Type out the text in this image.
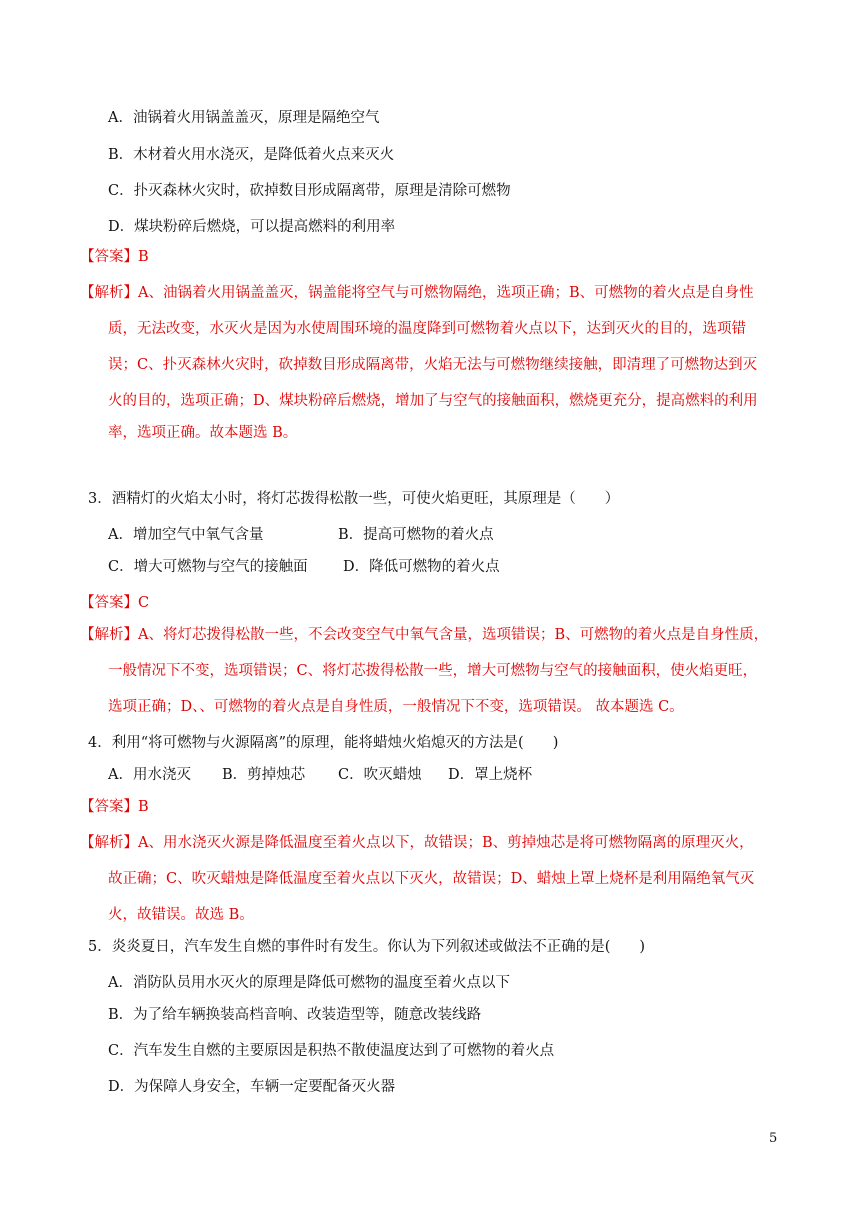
A．油锅着火用锅盖盖灭，原理是隔绝空气
B．木材着火用水浇灭，是降低着火点来灭火
C．扑灭森林火灾时，砍掉数目形成隔离带，原理是清除可燃物
D．煤块粉碎后燃烧，可以提高燃料的利用率
【答案】B
【解析】A、油锅着火用锅盖盖灭，锅盖能将空气与可燃物隔绝，选项正确；B、可燃物的着火点是自身性
质，无法改变，水灭火是因为水使周围环境的温度降到可燃物着火点以下，达到灭火的目的，选项错
误；C、扑灭森林火灾时，砍掉数目形成隔离带，火焰无法与可燃物继续接触，即清理了可燃物达到灭
火的目的，选项正确；D、煤块粉碎后燃烧，增加了与空气的接触面积，燃烧更充分，提高燃料的利用
率，选项正确。故本题选 B。
3．酒精灯的火焰太小时，将灯芯拨得松散一些，可使火焰更旺，其原理是（　　）
A．增加空气中氧气含量	B．提高可燃物的着火点
C．增大可燃物与空气的接触面 D．降低可燃物的着火点
【答案】C
【解析】A、将灯芯拨得松散一些，不会改变空气中氧气含量，选项错误；B、可燃物的着火点是自身性质，
一般情况下不变，选项错误；C、将灯芯拨得松散一些，增大可燃物与空气的接触面积，使火焰更旺，
选项正确；D、、可燃物的着火点是自身性质，一般情况下不变，选项错误。 故本题选 C。
4．利用“将可燃物与火源隔离”的原理，能将蜡烛火焰熄灭的方法是(　　)
A．用水浇灭 B．剪掉烛芯 C．吹灭蜡烛 D．罩上烧杯
【答案】B
【解析】A、用水浇灭火源是降低温度至着火点以下，故错误；B、剪掉烛芯是将可燃物隔离的原理灭火，
故正确；C、吹灭蜡烛是降低温度至着火点以下灭火，故错误；D、蜡烛上罩上烧杯是利用隔绝氧气灭
火，故错误。故选 B。
5．炎炎夏日，汽车发生自燃的事件时有发生。你认为下列叙述或做法不正确的是(　　)
A．消防队员用水灭火的原理是降低可燃物的温度至着火点以下
B．为了给车辆换装高档音响、改装造型等，随意改装线路
C．汽车发生自燃的主要原因是积热不散使温度达到了可燃物的着火点
D．为保障人身安全，车辆一定要配备灭火器
5
